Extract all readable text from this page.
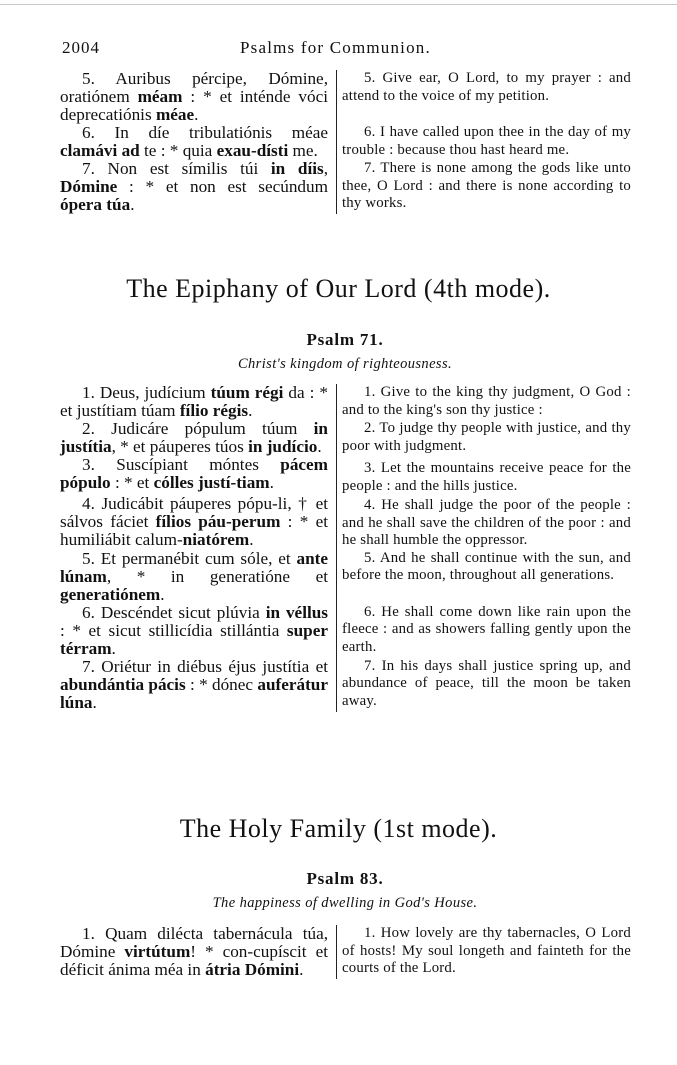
2004	Psalms for Communion.
5. Auribus pércipe, Dómine, oratiónem méam : * et inténde vóci deprecatiónis méae.
5. Give ear, O Lord, to my prayer : and attend to the voice of my petition.
6. In díe tribulatiónis méae clamávi ad te : * quia exau-dísti me.
6. I have called upon thee in the day of my trouble : because thou hast heard me.
7. Non est símilis túi in díis, Dómine : * et non est secúndum ópera túa.
7. There is none among the gods like unto thee, O Lord : and there is none according to thy works.
The Epiphany of Our Lord (4th mode).
Psalm 71.
Christ's kingdom of righteousness.
1. Deus, judícium túum régi da : * et justítiam túam fílio régis.
1. Give to the king thy judgment, O God : and to the king's son thy justice :
2. Judicáre pópulum túum in justítia, * et páuperes túos in judício.
2. To judge thy people with justice, and thy poor with judgment.
3. Suscípiant móntes pácem pópulo : * et cólles justí-tiam.
3. Let the mountains receive peace for the people : and the hills justice.
4. Judicábit páuperes pópu-li, † et sálvos fáciet fílios páu-perum : * et humiliábit calum-niatórem.
4. He shall judge the poor of the people : and he shall save the children of the poor : and he shall humble the oppressor.
5. Et permanébit cum sóle, et ante lúnam, * in generatióne et generatiónem.
5. And he shall continue with the sun, and before the moon, throughout all generations.
6. Descéndet sicut plúvia in véllus : * et sicut stillicídia stillántia super térram.
6. He shall come down like rain upon the fleece : and as showers falling gently upon the earth.
7. Oriétur in diébus éjus justítia et abundántia pácis : * dónec auferátur lúna.
7. In his days shall justice spring up, and abundance of peace, till the moon be taken away.
The Holy Family (1st mode).
Psalm 83.
The happiness of dwelling in God's House.
1. Quam dilécta tabernácula túa, Dómine virtútum! * con-cupíscit et déficit ánima méa in átria Dómini.
1. How lovely are thy tabernacles, O Lord of hosts! My soul longeth and fainteth for the courts of the Lord.
